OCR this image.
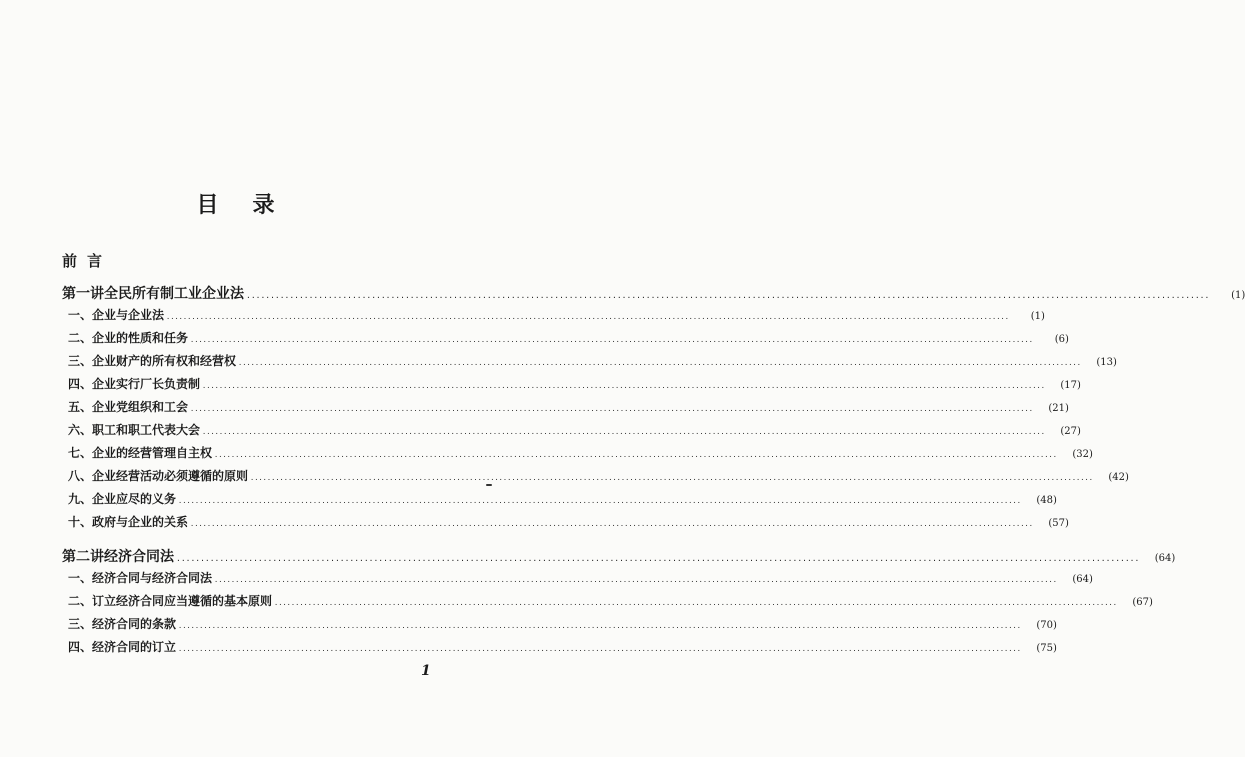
目录
前言
第一讲 全民所有制工业企业法 ........................................................................................................................................................................................................	(1)
一、 企业与企业法 ........................................................................................................................................................................................................	(1)
二、 企业的性质和任务 ........................................................................................................................................................................................................	(6)
三、 企业财产的所有权和经营权 ........................................................................................................................................................................................................	(13)
四、 企业实行厂长负责制 ........................................................................................................................................................................................................	(17)
五、 企业党组织和工会 ........................................................................................................................................................................................................	(21)
六、 职工和职工代表大会 ........................................................................................................................................................................................................	(27)
七、 企业的经营管理自主权 ........................................................................................................................................................................................................	(32)
八、 企业经营活动必须遵循的原则 ........................................................................................................................................................................................................	(42)
九、 企业应尽的义务 ........................................................................................................................................................................................................	(48)
十、 政府与企业的关系 ........................................................................................................................................................................................................	(57)
第二讲 经济合同法 ........................................................................................................................................................................................................	(64)
一、 经济合同与经济合同法 ........................................................................................................................................................................................................	(64)
二、 订立经济合同应当遵循的基本原则 ........................................................................................................................................................................................................	(67)
三、 经济合同的条款 ........................................................................................................................................................................................................	(70)
四、 经济合同的订立 ........................................................................................................................................................................................................	(75)
1
